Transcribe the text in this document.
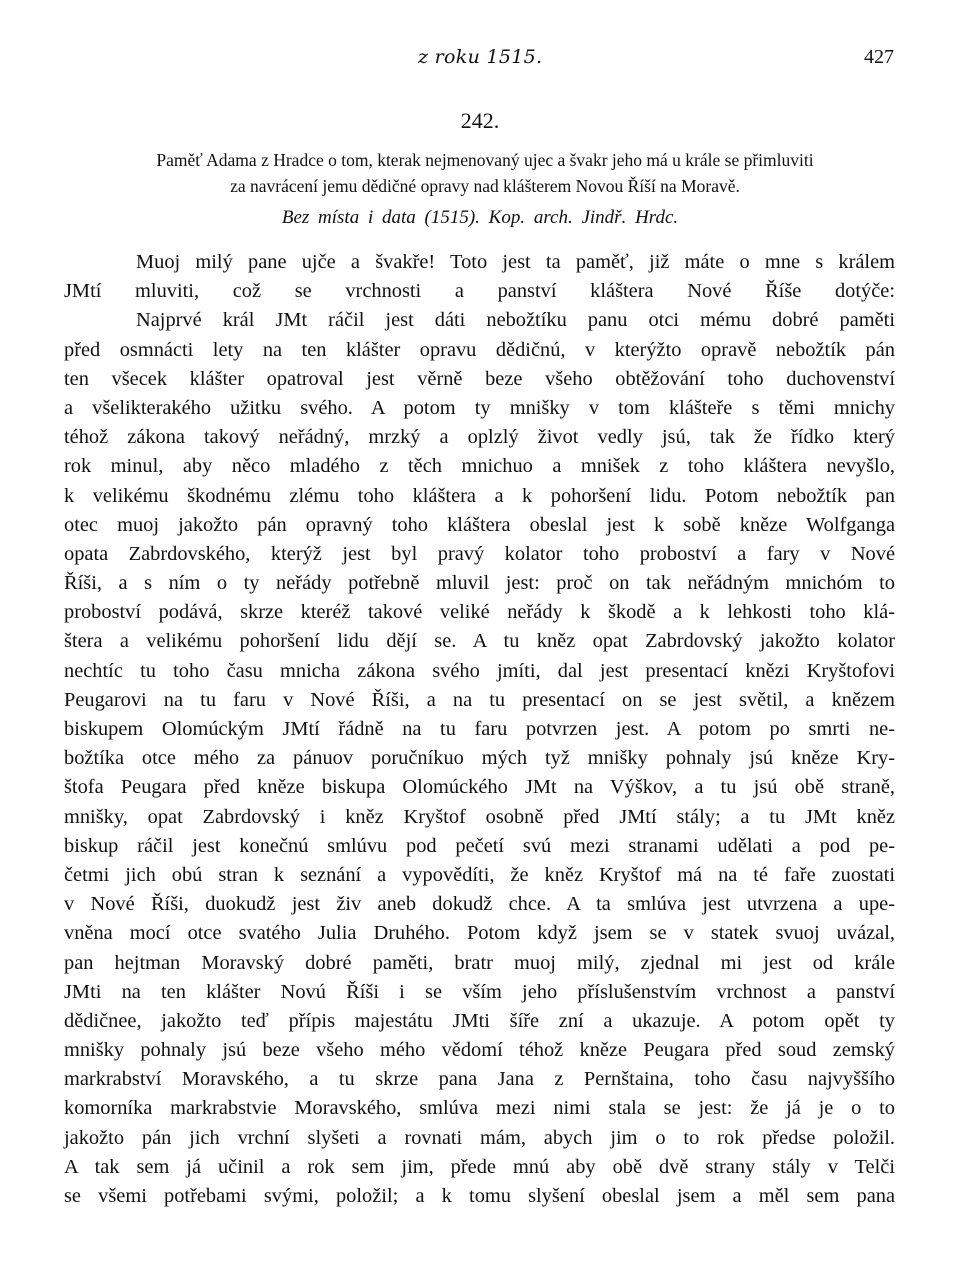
z roku 1515.	427
242.
Paměť Adama z Hradce o tom, kterak nejmenovaný ujec a švakr jeho má u krále se přimluviti
za navrácení jemu dědičné opravy nad klášterem Novou Říší na Moravě.
Bez místa i data (1515). Kop. arch. Jindř. Hrdc.
Muoj milý pane ujče a švakře! Toto jest ta paměť, již máte o mne s králem
JMtí mluviti, což se vrchnosti a panství kláštera Nové Říše dotýče:
Najprvé král JMt ráčil jest dáti nebožtíku panu otci mému dobré paměti
před osmnácti lety na ten klášter opravu dědičnú, v kterýžto opravě nebožtík pán
ten všecek klášter opatroval jest věrně beze všeho obtěžování toho duchovenství
a všelikterakého užitku svého. A potom ty mnišky v tom klášteře s těmi mnichy
téhož zákona takový neřádný, mrzký a oplzlý život vedly jsú, tak že řídko který
rok minul, aby něco mladého z těch mnichuo a mnišek z toho kláštera nevyšlo,
k velikému škodnému zlému toho kláštera a k pohoršení lidu. Potom nebožtík pan
otec muoj jakožto pán opravný toho kláštera obeslal jest k sobě kněze Wolfganga
opata Zabrdovského, kterýž jest byl pravý kolator toho proboství a fary v Nové
Říši, a s ním o ty neřády potřebně mluvil jest: proč on tak neřádným mnichóm to
proboství podává, skrze kteréž takové veliké neřády k škodě a k lehkosti toho klá-
štera a velikému pohoršení lidu dějí se. A tu kněz opat Zabrdovský jakožto kolator
nechtíc tu toho času mnicha zákona svého jmíti, dal jest presentací knězi Kryštofovi
Peugarovi na tu faru v Nové Říši, a na tu presentací on se jest světil, a knězem
biskupem Olomúckým JMtí řádně na tu faru potvrzen jest. A potom po smrti ne-
božtíka otce mého za pánuov poručníkuo mých tyž mnišky pohnaly jsú kněze Kry-
štofa Peugara před kněze biskupa Olomúckého JMt na Výškov, a tu jsú obě straně,
mnišky, opat Zabrdovský i kněz Kryštof osobně před JMtí stály; a tu JMt kněz
biskup ráčil jest konečnú smlúvu pod pečetí svú mezi stranami udělati a pod pe-
četmi jich obú stran k seznání a vypovědíti, že kněz Kryštof má na té faře zuostati
v Nové Říši, duokudž jest živ aneb dokudž chce. A ta smlúva jest utvrzena a upe-
vněna mocí otce svatého Julia Druhého. Potom když jsem se v statek svuoj uvázal,
pan hejtman Moravský dobré paměti, bratr muoj milý, zjednal mi jest od krále
JMti na ten klášter Novú Říši i se vším jeho příslušenstvím vrchnost a panství
dědičnee, jakožto teď přípis majestátu JMti šíře zní a ukazuje. A potom opět ty
mnišky pohnaly jsú beze všeho mého vědomí téhož kněze Peugara před soud zemský
markrabství Moravského, a tu skrze pana Jana z Pernštaina, toho času najvyššího
komorníka markrabstvie Moravského, smlúva mezi nimi stala se jest: že já je o to
jakožto pán jich vrchní slyšeti a rovnati mám, abych jim o to rok předse položil.
A tak sem já učinil a rok sem jim, přede mnú aby obě dvě strany stály v Telči
se všemi potřebami svými, položil; a k tomu slyšení obeslal jsem a měl sem pana
